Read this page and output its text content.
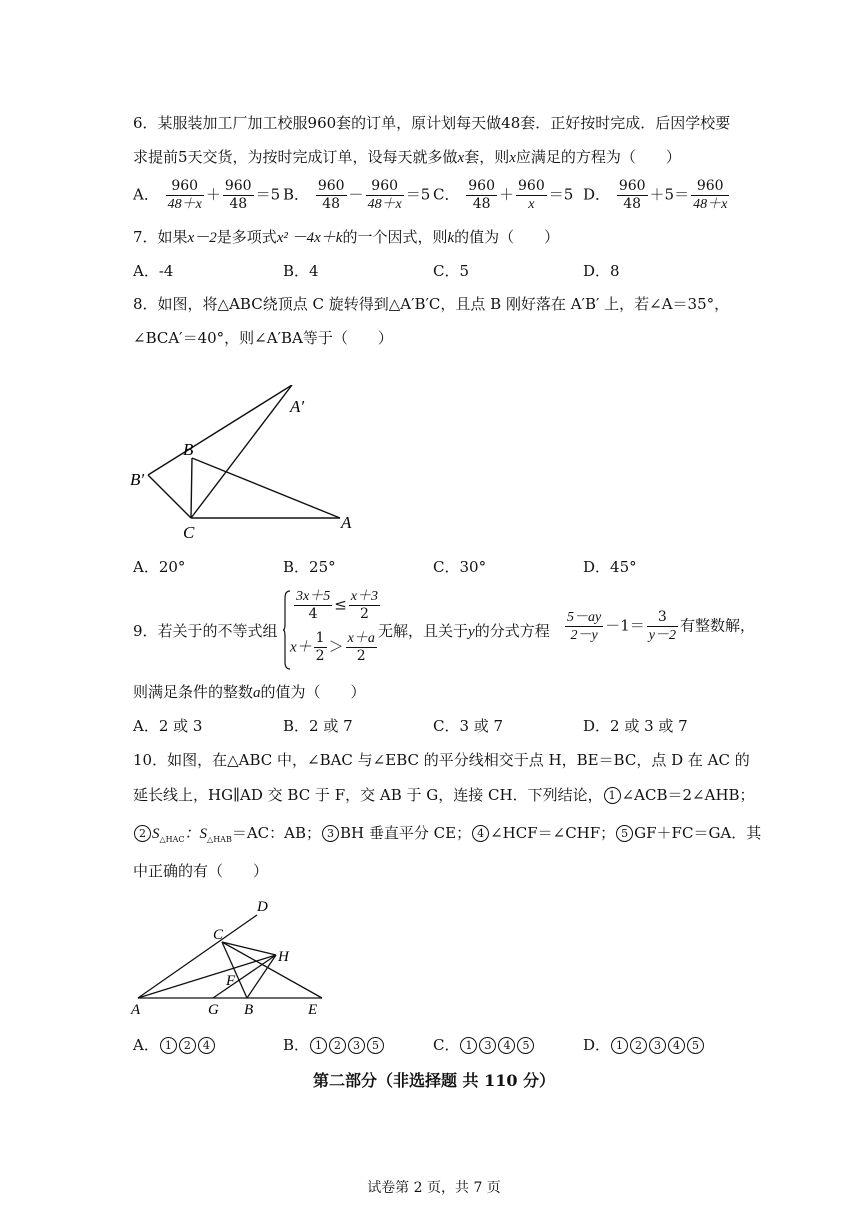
6．某服装加工厂加工校服960套的订单，原计划每天做48套．正好按时完成．后因学校要
求提前5天交货，为按时完成订单，设每天就多做x套，则x应满足的方程为（　　）
A． $\frac{960}{48+x} + \frac{960}{48} =5$ B． $\frac{960}{48} - \frac{960}{48+x} =5$ C． $\frac{960}{48} + \frac{960}{x} =5$ D． $\frac{960}{48} +5= \frac{960}{48+x}$
7．如果x－2是多项式x² －4x＋k的一个因式，则k的值为（　　）
A．-4	B．4	C．5	D．8
8．如图，将△ABC绕顶点 C 旋转得到△A′B′C，且点 B 刚好落在 A′B′ 上，若∠A＝35°，
∠BCA′＝40°，则∠A′BA等于（　　）
A′
B
B′
C
A
A．20°	B．25°	C．30°	D．45°
9．若关于的不等式组
$\frac{3x+5}{4} \le \frac{x+3}{2}$
$x+ \frac{1}{2} > \frac{x+a}{2}$ 无解，且关于y的分式方程 $\frac{5-ay}{2-y} -1= \frac{3}{y-2}$ 有整数解，
则满足条件的整数a的值为（　　）
A．2 或 3	B．2 或 7	C．3 或 7	D．2 或 3 或 7
10．如图，在△ABC 中，∠BAC 与∠EBC 的平分线相交于点 H，BE＝BC，点 D 在 AC 的
延长线上，HG∥AD 交 BC 于 F，交 AB 于 G，连接 CH．下列结论， 1 ∠ACB＝2∠AHB；
2 $S_{\triangle HAC}$：$S_{\triangle HAB}=AC$：AB； 3 BH 垂直平分 CE； 4 ∠HCF＝∠CHF； 5 GF＋FC＝GA．其
中正确的有（　　）
D
C
H
F
A	G B	E
A． 1 2 4	B． 1 2 3 5	C． 1 3 4 5	D． 1 2 3 4 5
第二部分（非选择题 共 110 分）
试卷第 2 页，共 7 页
